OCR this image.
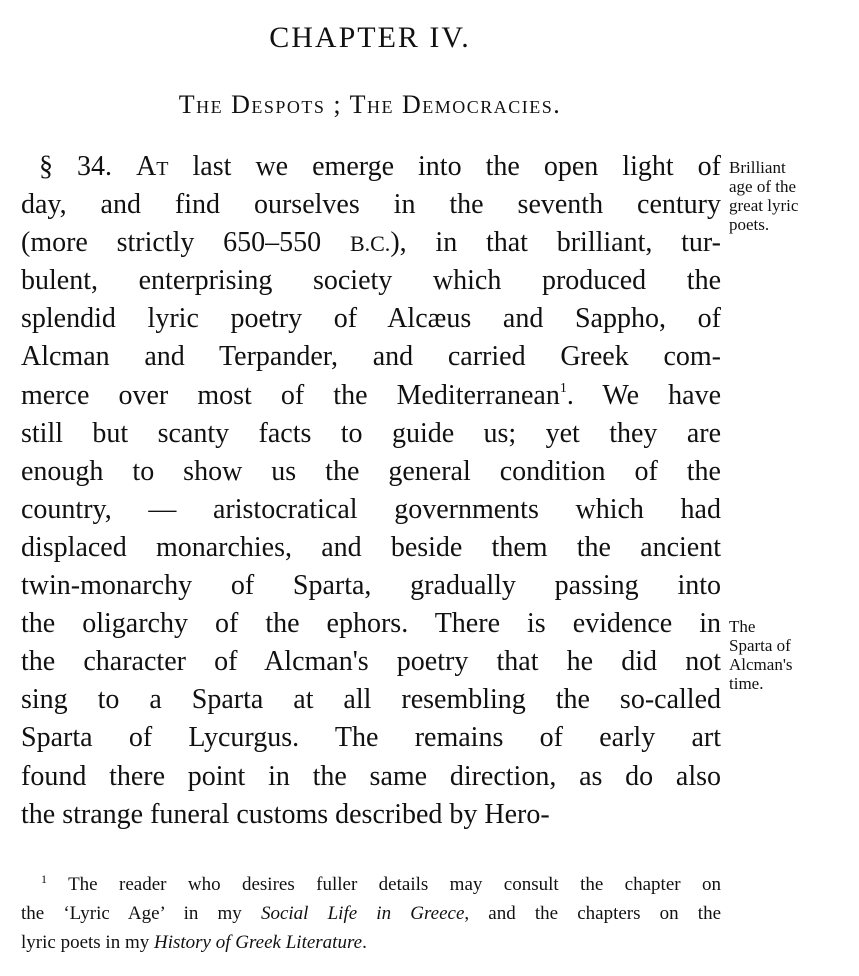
CHAPTER IV.
The Despots ; The Democracies.
§ 34. At last we emerge into the open light of
day, and find ourselves in the seventh century
(more strictly 650–550 B.C.), in that brilliant, tur-
bulent, enterprising society which produced the
splendid lyric poetry of Alcæus and Sappho, of
Alcman and Terpander, and carried Greek com-
merce over most of the Mediterranean$^1$. We have
still but scanty facts to guide us; yet they are
enough to show us the general condition of the
country, — aristocratical governments which had
displaced monarchies, and beside them the ancient
twin-monarchy of Sparta, gradually passing into
the oligarchy of the ephors. There is evidence in
the character of Alcman's poetry that he did not
sing to a Sparta at all resembling the so-called
Sparta of Lycurgus. The remains of early art
found there point in the same direction, as do also
the strange funeral customs described by Hero-
Brilliant
age of the
great lyric
poets.
The
Sparta of
Alcman's
time.
$^1$ The reader who desires fuller details may consult the chapter on
the ‘Lyric Age’ in my Social Life in Greece, and the chapters on the
lyric poets in my History of Greek Literature.
